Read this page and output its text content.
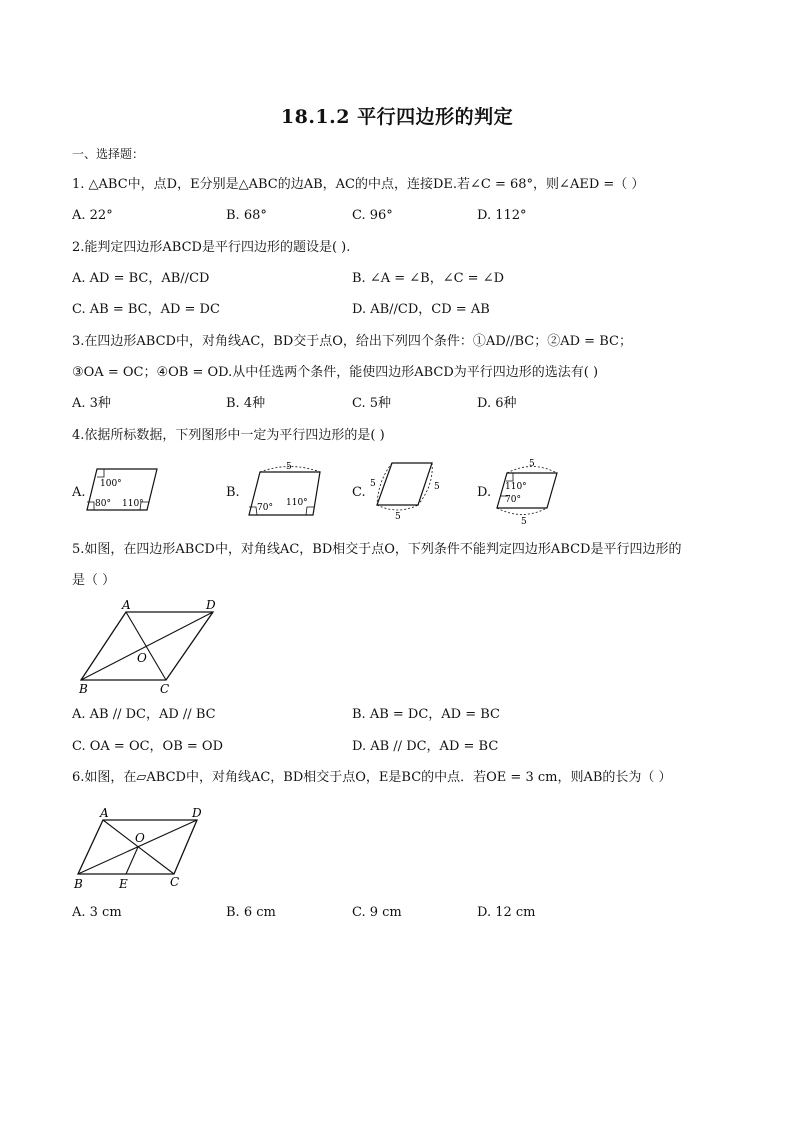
18.1.2 平行四边形的判定
一、选择题：
1. △ABC中，点D，E分别是△ABC的边AB，AC的中点，连接DE.若∠C = 68°，则∠AED =（ ）
A. 22°	B. 68°	C. 96°	D. 112°
2.能判定四边形ABCD是平行四边形的题设是( ).
A. AD = BC，AB//CD	B. ∠A = ∠B，∠C = ∠D
C. AB = BC，AD = DC	D. AB//CD，CD = AB
3.在四边形ABCD中，对角线AC，BD交于点O，给出下列四个条件：①AD//BC；②AD = BC；
③OA = OC；④OB = OD.从中任选两个条件，能使四边形ABCD为平行四边形的选法有( )
A. 3种	B. 4种	C. 5种	D. 6种
4.依据所标数据，下列图形中一定为平行四边形的是( )
A.	B.	C.	D.
100°
80° 110°
5
70° 110°
5	5
5
5
110°
70°
5
5.如图，在四边形ABCD中，对角线AC，BD相交于点O，下列条件不能判定四边形ABCD是平行四边形的
是（ ）
A	D
O
B	C
A. AB // DC，AD // BC	B. AB = DC，AD = BC
C. OA = OC，OB = OD	D. AB // DC，AD = BC
6.如图，在▱ABCD中，对角线AC，BD相交于点O，E是BC的中点．若OE = 3 cm，则AB的长为（ ）
A	D
O
B	E	C
A. 3 cm	B. 6 cm	C. 9 cm	D. 12 cm
